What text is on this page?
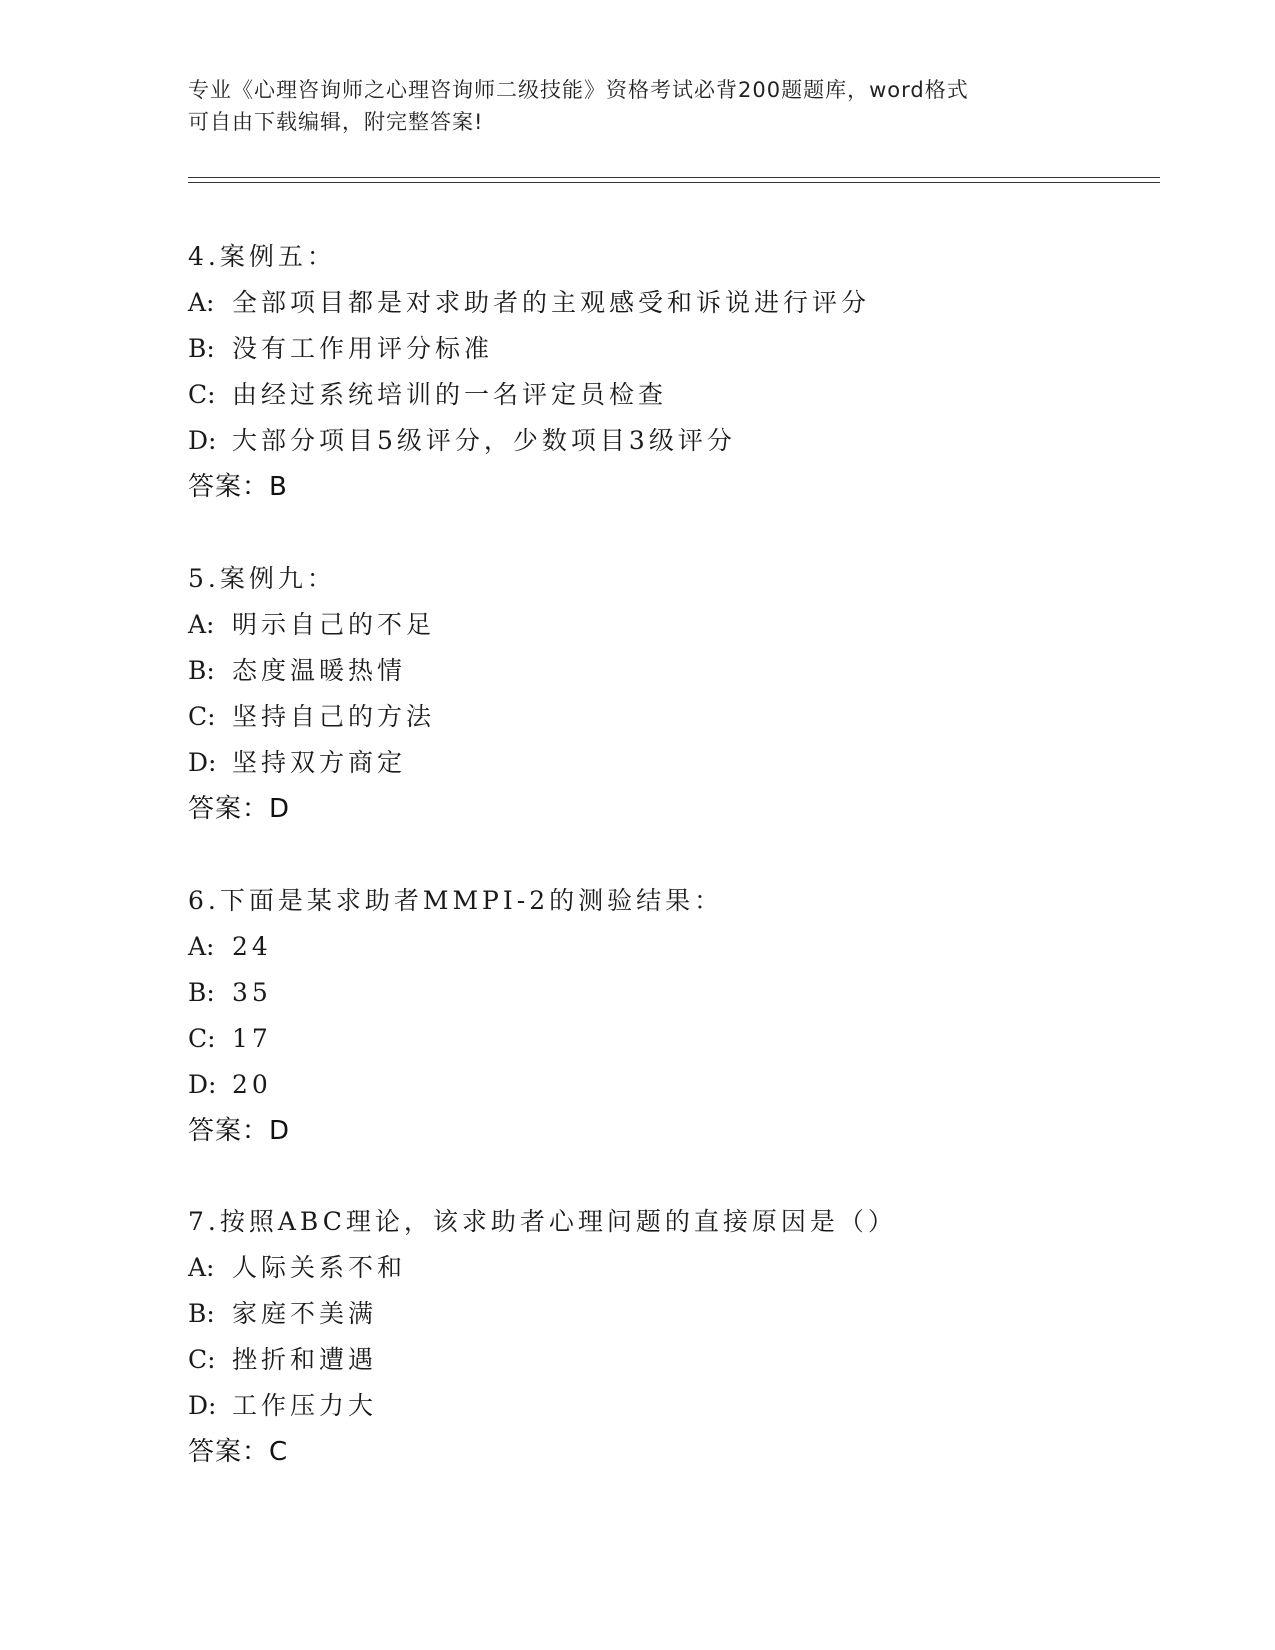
专业《心理咨询师之心理咨询师二级技能》资格考试必背200题题库，word格式

可自由下载编辑，附完整答案!

4.案例五：
A: 全部项目都是对求助者的主观感受和诉说进行评分
B: 没有工作用评分标准
C: 由经过系统培训的一名评定员检查
D: 大部分项目5级评分，少数项目3级评分
答案：B
5.案例九：
A: 明示自己的不足
B: 态度温暖热情
C: 坚持自己的方法
D: 坚持双方商定
答案：D
6.下面是某求助者MMPI-2的测验结果：
A: 24
B: 35
C: 17
D: 20
答案：D
7.按照ABC理论，该求助者心理问题的直接原因是（）
A: 人际关系不和
B: 家庭不美满
C: 挫折和遭遇
D: 工作压力大
答案：C
